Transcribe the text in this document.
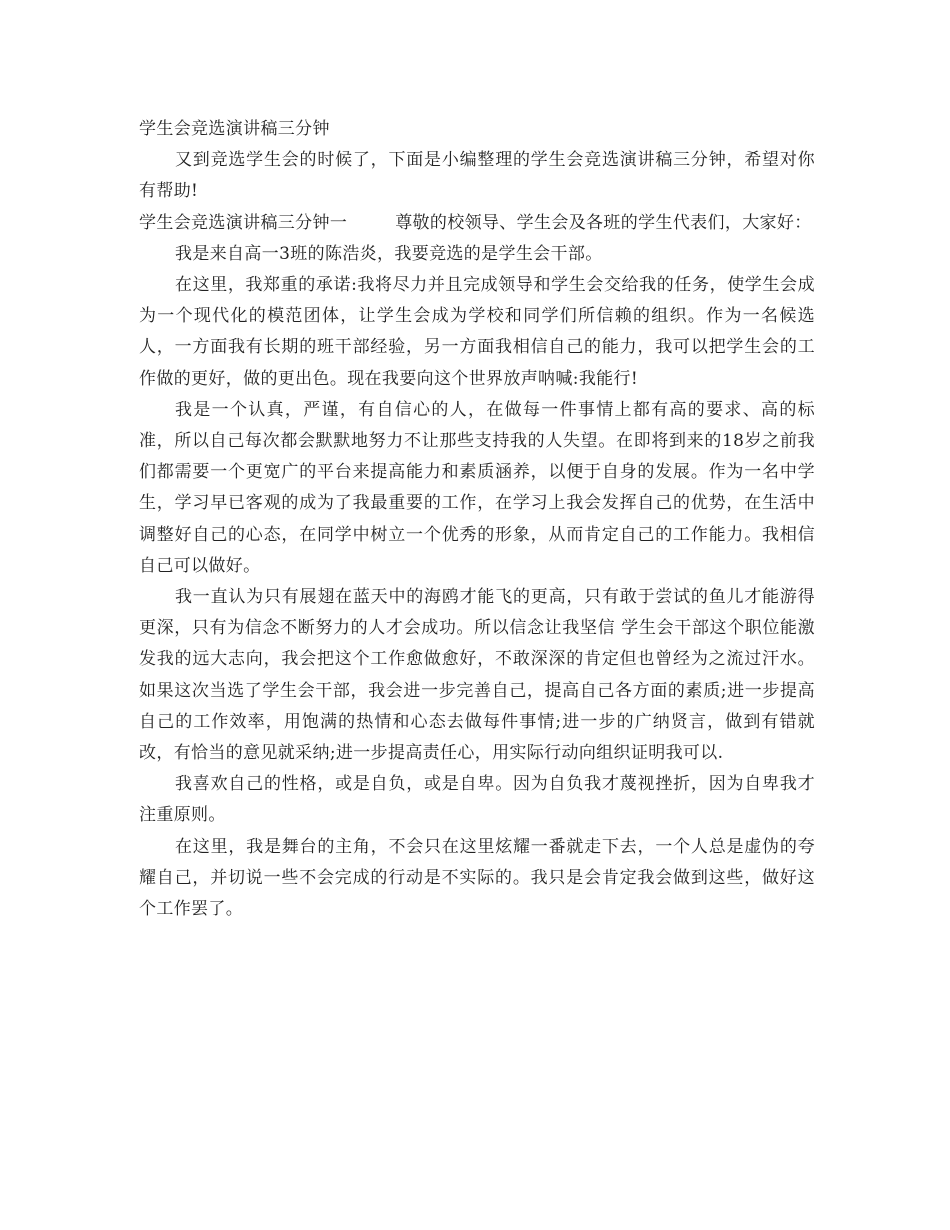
学生会竞选演讲稿三分钟

又到竞选学生会的时候了，下面是小编整理的学生会竞选演讲稿三分钟，希望对你有帮助!

学生会竞选演讲稿三分钟一	尊敬的校领导、学生会及各班的学生代表们，大家好：

我是来自高一3班的陈浩炎，我要竞选的是学生会干部。

在这里，我郑重的承诺:我将尽力并且完成领导和学生会交给我的任务，使学生会成为一个现代化的模范团体，让学生会成为学校和同学们所信赖的组织。作为一名候选人，一方面我有长期的班干部经验，另一方面我相信自己的能力，我可以把学生会的工作做的更好，做的更出色。现在我要向这个世界放声呐喊:我能行!

我是一个认真，严谨，有自信心的人，在做每一件事情上都有高的要求、高的标准，所以自己每次都会默默地努力不让那些支持我的人失望。在即将到来的18岁之前我们都需要一个更宽广的平台来提高能力和素质涵养，以便于自身的发展。作为一名中学生，学习早已客观的成为了我最重要的工作，在学习上我会发挥自己的优势，在生活中调整好自己的心态，在同学中树立一个优秀的形象，从而肯定自己的工作能力。我相信自己可以做好。

我一直认为只有展翅在蓝天中的海鸥才能飞的更高，只有敢于尝试的鱼儿才能游得更深，只有为信念不断努力的人才会成功。所以信念让我坚信 学生会干部这个职位能激发我的远大志向，我会把这个工作愈做愈好，不敢深深的肯定但也曾经为之流过汗水。如果这次当选了学生会干部，我会进一步完善自己，提高自己各方面的素质;进一步提高自己的工作效率，用饱满的热情和心态去做每件事情;进一步的广纳贤言，做到有错就改，有恰当的意见就采纳;进一步提高责任心，用实际行动向组织证明我可以.

我喜欢自己的性格，或是自负，或是自卑。因为自负我才蔑视挫折，因为自卑我才注重原则。

在这里，我是舞台的主角，不会只在这里炫耀一番就走下去，一个人总是虚伪的夸耀自己，并切说一些不会完成的行动是不实际的。我只是会肯定我会做到这些，做好这个工作罢了。
